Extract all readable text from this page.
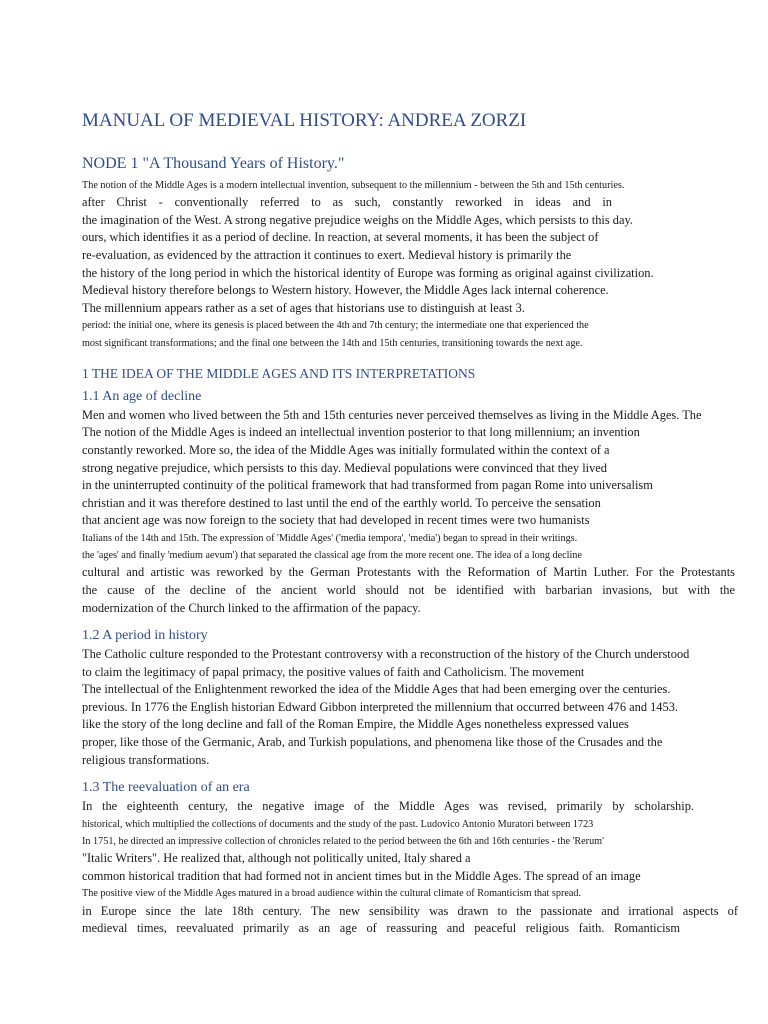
MANUAL OF MEDIEVAL HISTORY: ANDREA ZORZI
NODE 1 "A Thousand Years of History."
The notion of the Middle Ages is a modern intellectual invention, subsequent to the millennium - between the 5th and 15th centuries.
after Christ - conventionally referred to as such, constantly reworked in ideas and in
the imagination of the West. A strong negative prejudice weighs on the Middle Ages, which persists to this day.
ours, which identifies it as a period of decline. In reaction, at several moments, it has been the subject of
re-evaluation, as evidenced by the attraction it continues to exert. Medieval history is primarily the
the history of the long period in which the historical identity of Europe was forming as original against civilization.
Medieval history therefore belongs to Western history. However, the Middle Ages lack internal coherence.
The millennium appears rather as a set of ages that historians use to distinguish at least 3.
period: the initial one, where its genesis is placed between the 4th and 7th century; the intermediate one that experienced the
most significant transformations; and the final one between the 14th and 15th centuries, transitioning towards the next age.
1 THE IDEA OF THE MIDDLE AGES AND ITS INTERPRETATIONS
1.1 An age of decline
Men and women who lived between the 5th and 15th centuries never perceived themselves as living in the Middle Ages. The
The notion of the Middle Ages is indeed an intellectual invention posterior to that long millennium; an invention
constantly reworked. More so, the idea of the Middle Ages was initially formulated within the context of a
strong negative prejudice, which persists to this day. Medieval populations were convinced that they lived
in the uninterrupted continuity of the political framework that had transformed from pagan Rome into universalism
christian and it was therefore destined to last until the end of the earthly world. To perceive the sensation
that ancient age was now foreign to the society that had developed in recent times were two humanists
Italians of the 14th and 15th. The expression of 'Middle Ages' ('media tempora', 'media') began to spread in their writings.
the 'ages' and finally 'medium aevum') that separated the classical age from the more recent one. The idea of a long decline
cultural and artistic was reworked by the German Protestants with the Reformation of Martin Luther. For the Protestants
the cause of the decline of the ancient world should not be identified with barbarian invasions, but with the
modernization of the Church linked to the affirmation of the papacy.
1.2 A period in history
The Catholic culture responded to the Protestant controversy with a reconstruction of the history of the Church understood
to claim the legitimacy of papal primacy, the positive values of faith and Catholicism. The movement
The intellectual of the Enlightenment reworked the idea of the Middle Ages that had been emerging over the centuries.
previous. In 1776 the English historian Edward Gibbon interpreted the millennium that occurred between 476 and 1453.
like the story of the long decline and fall of the Roman Empire, the Middle Ages nonetheless expressed values
proper, like those of the Germanic, Arab, and Turkish populations, and phenomena like those of the Crusades and the
religious transformations.
1.3 The reevaluation of an era
In the eighteenth century, the negative image of the Middle Ages was revised, primarily by scholarship.
historical, which multiplied the collections of documents and the study of the past. Ludovico Antonio Muratori between 1723
In 1751, he directed an impressive collection of chronicles related to the period between the 6th and 16th centuries - the 'Rerum'
"Italic Writers". He realized that, although not politically united, Italy shared a
common historical tradition that had formed not in ancient times but in the Middle Ages. The spread of an image
The positive view of the Middle Ages matured in a broad audience within the cultural climate of Romanticism that spread.
in Europe since the late 18th century. The new sensibility was drawn to the passionate and irrational aspects of
medieval times, reevaluated primarily as an age of reassuring and peaceful religious faith. Romanticism
